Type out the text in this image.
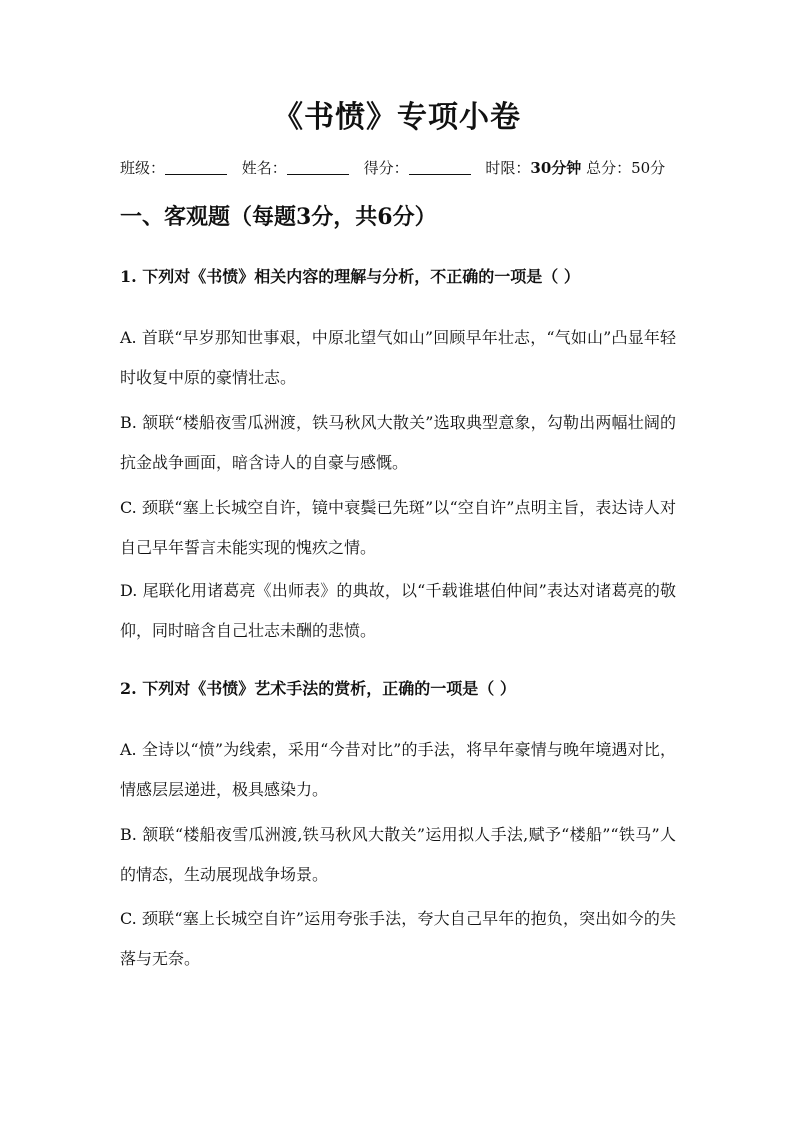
《书愤》专项小卷
班级：	姓名：	得分：	时限：30分钟 总分：50分
一、客观题（每题3分，共6分）
1. 下列对《书愤》相关内容的理解与分析，不正确的一项是（ ）
A. 首联“早岁那知世事艰，中原北望气如山”回顾早年壮志，“气如山”凸显年轻时收复中原的豪情壮志。
B. 颔联“楼船夜雪瓜洲渡，铁马秋风大散关”选取典型意象，勾勒出两幅壮阔的抗金战争画面，暗含诗人的自豪与感慨。
C. 颈联“塞上长城空自许，镜中衰鬓已先斑”以“空自许”点明主旨，表达诗人对自己早年誓言未能实现的愧疚之情。
D. 尾联化用诸葛亮《出师表》的典故，以“千载谁堪伯仲间”表达对诸葛亮的敬仰，同时暗含自己壮志未酬的悲愤。
2. 下列对《书愤》艺术手法的赏析，正确的一项是（ ）
A. 全诗以“愤”为线索，采用“今昔对比”的手法，将早年豪情与晚年境遇对比，情感层层递进，极具感染力。
B. 颔联“楼船夜雪瓜洲渡,铁马秋风大散关”运用拟人手法,赋予“楼船”“铁马”人的情态，生动展现战争场景。
C. 颈联“塞上长城空自许”运用夸张手法，夸大自己早年的抱负，突出如今的失落与无奈。
